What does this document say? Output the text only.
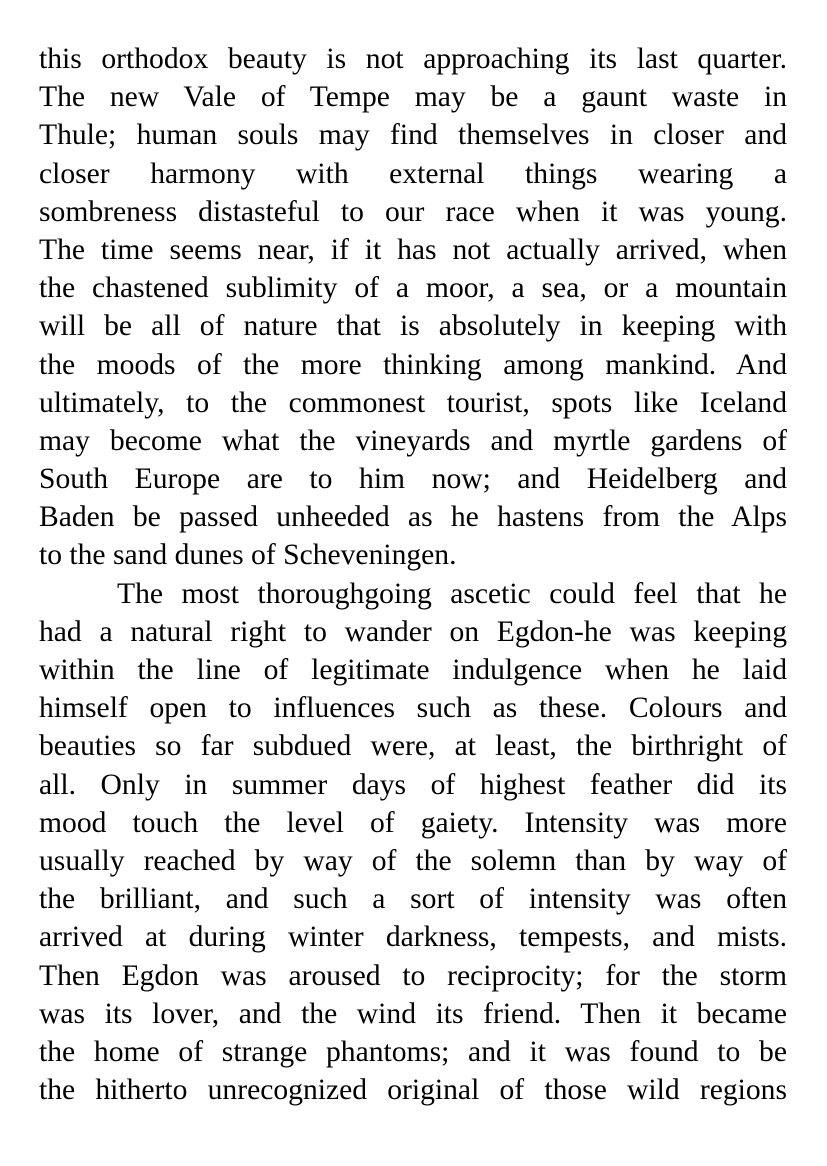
this orthodox beauty is not approaching its last quarter.
The new Vale of Tempe may be a gaunt waste in
Thule; human souls may find themselves in closer and
closer harmony with external things wearing a
sombreness distasteful to our race when it was young.
The time seems near, if it has not actually arrived, when
the chastened sublimity of a moor, a sea, or a mountain
will be all of nature that is absolutely in keeping with
the moods of the more thinking among mankind. And
ultimately, to the commonest tourist, spots like Iceland
may become what the vineyards and myrtle gardens of
South Europe are to him now; and Heidelberg and
Baden be passed unheeded as he hastens from the Alps
to the sand dunes of Scheveningen.
The most thoroughgoing ascetic could feel that he
had a natural right to wander on Egdon-he was keeping
within the line of legitimate indulgence when he laid
himself open to influences such as these. Colours and
beauties so far subdued were, at least, the birthright of
all. Only in summer days of highest feather did its
mood touch the level of gaiety. Intensity was more
usually reached by way of the solemn than by way of
the brilliant, and such a sort of intensity was often
arrived at during winter darkness, tempests, and mists.
Then Egdon was aroused to reciprocity; for the storm
was its lover, and the wind its friend. Then it became
the home of strange phantoms; and it was found to be
the hitherto unrecognized original of those wild regions
